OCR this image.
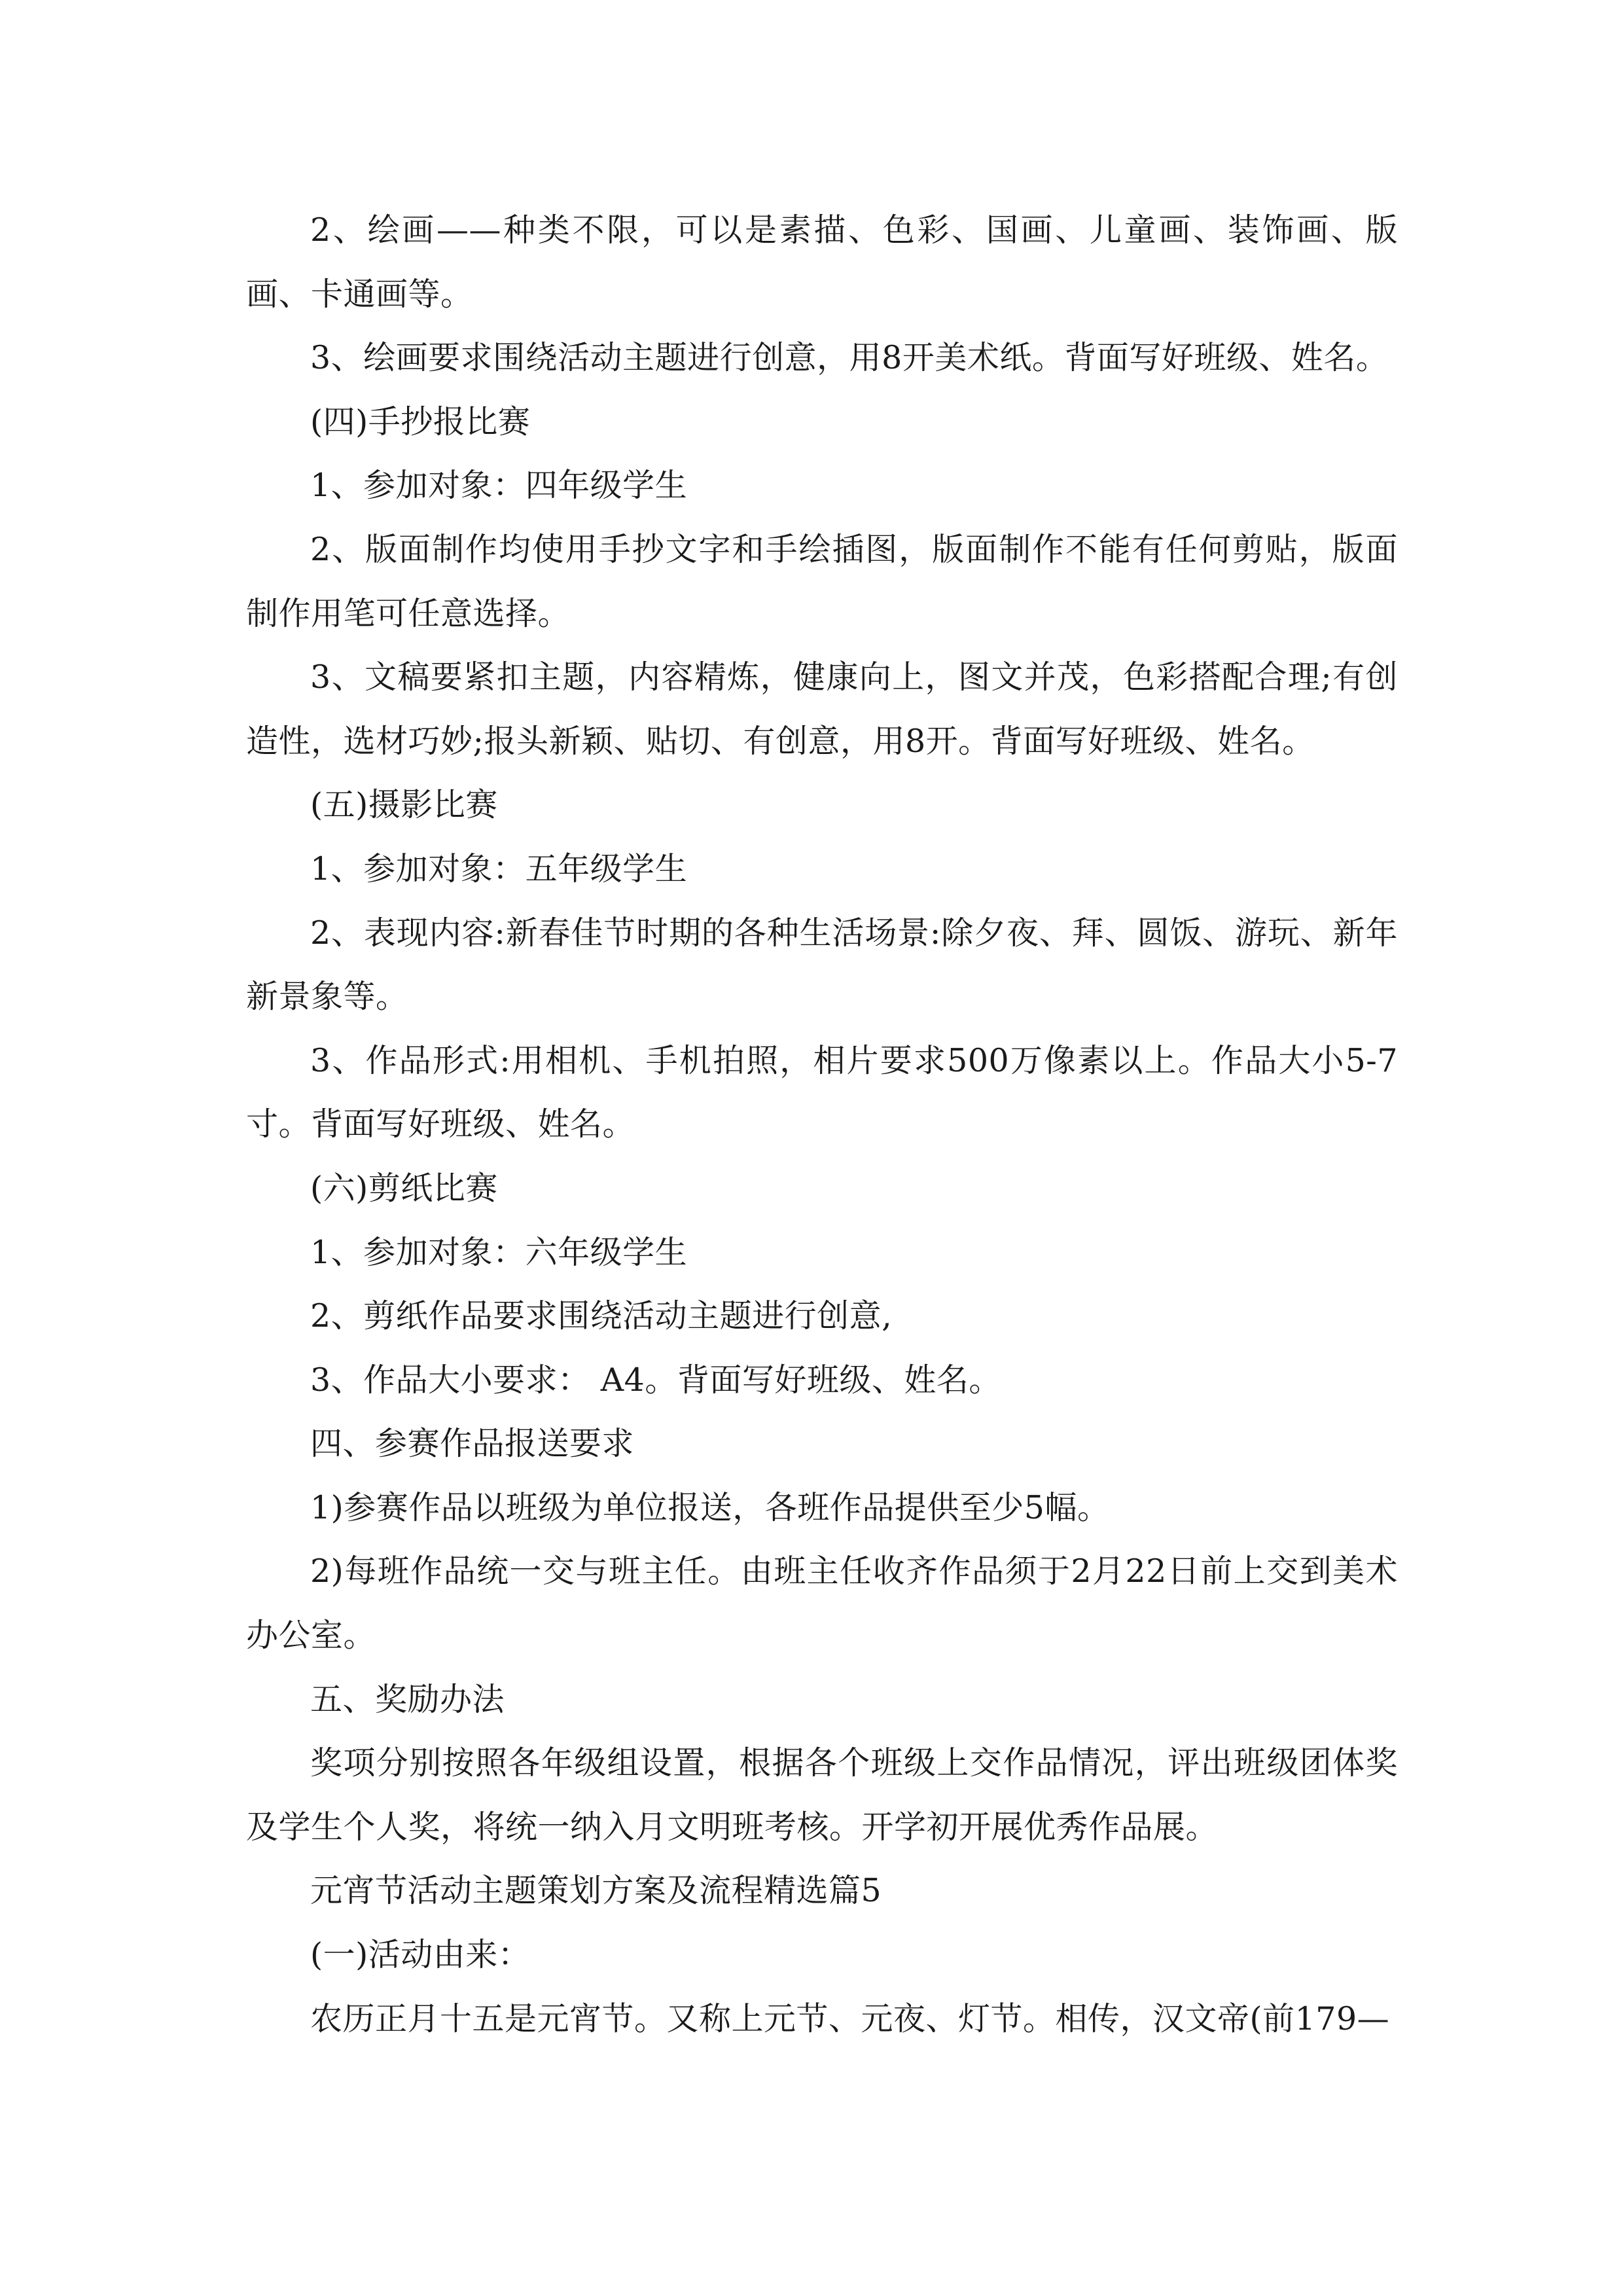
2、绘画——种类不限，可以是素描、色彩、国画、儿童画、装饰画、版画、卡通画等。

3、绘画要求围绕活动主题进行创意，用8开美术纸。背面写好班级、姓名。

(四)手抄报比赛

1、参加对象：四年级学生

2、版面制作均使用手抄文字和手绘插图，版面制作不能有任何剪贴，版面制作用笔可任意选择。

3、文稿要紧扣主题，内容精炼，健康向上，图文并茂，色彩搭配合理;有创造性，选材巧妙;报头新颖、贴切、有创意，用8开。背面写好班级、姓名。

(五)摄影比赛

1、参加对象：五年级学生

2、表现内容:新春佳节时期的各种生活场景:除夕夜、拜、圆饭、游玩、新年新景象等。

3、作品形式:用相机、手机拍照，相片要求500万像素以上。作品大小5-7寸。背面写好班级、姓名。

(六)剪纸比赛

1、参加对象：六年级学生

2、剪纸作品要求围绕活动主题进行创意,

3、作品大小要求： A4。背面写好班级、姓名。

四、参赛作品报送要求

1)参赛作品以班级为单位报送，各班作品提供至少5幅。

2)每班作品统一交与班主任。由班主任收齐作品须于2月22日前上交到美术办公室。

五、奖励办法

奖项分别按照各年级组设置，根据各个班级上交作品情况，评出班级团体奖及学生个人奖，将统一纳入月文明班考核。开学初开展优秀作品展。

元宵节活动主题策划方案及流程精选篇5

(一)活动由来：

农历正月十五是元宵节。又称上元节、元夜、灯节。相传，汉文帝(前179—
